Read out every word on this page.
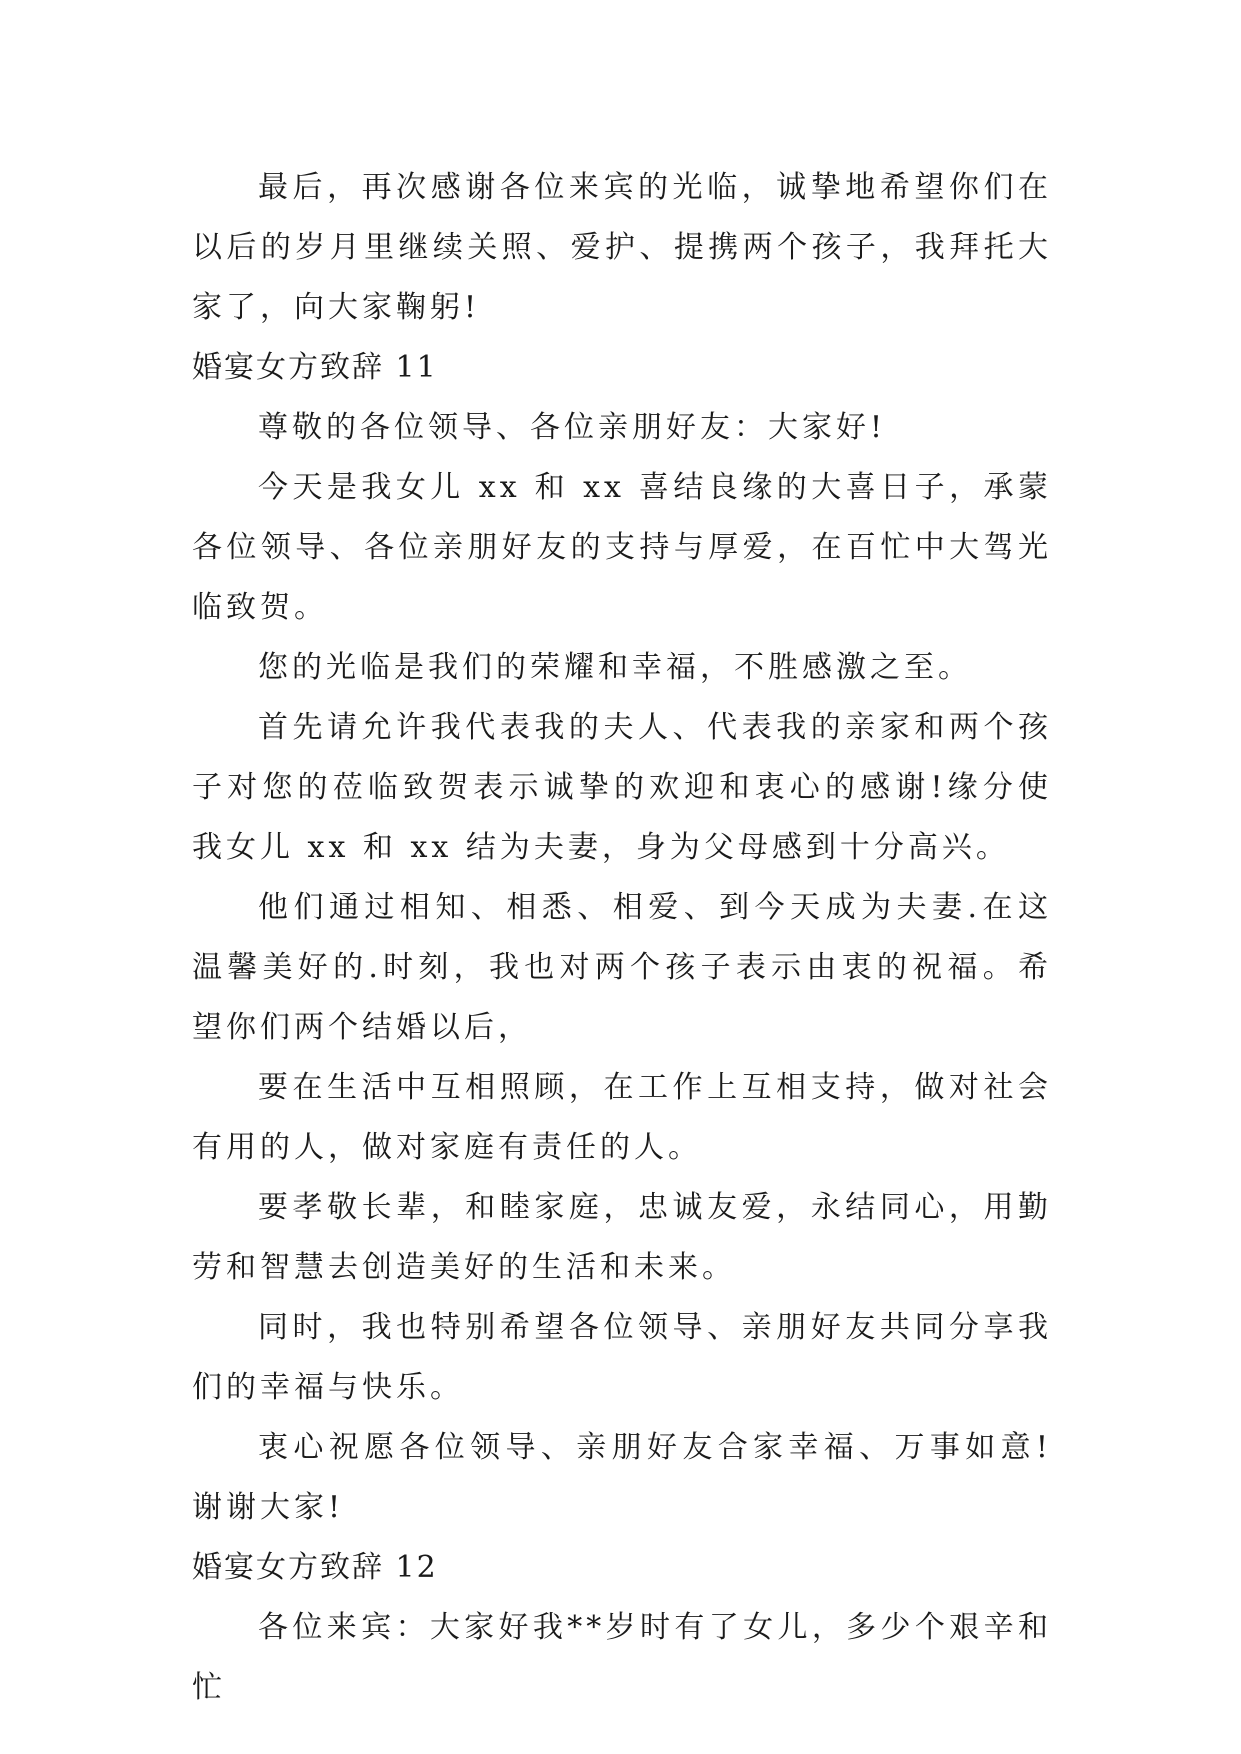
最后，再次感谢各位来宾的光临，诚挚地希望你们在以后的岁月里继续关照、爱护、提携两个孩子，我拜托大家了，向大家鞠躬!

婚宴女方致辞 11

尊敬的各位领导、各位亲朋好友：大家好!

今天是我女儿 xx 和 xx 喜结良缘的大喜日子，承蒙各位领导、各位亲朋好友的支持与厚爱，在百忙中大驾光临致贺。

您的光临是我们的荣耀和幸福，不胜感激之至。

首先请允许我代表我的夫人、代表我的亲家和两个孩子对您的莅临致贺表示诚挚的欢迎和衷心的感谢!缘分使我女儿 xx 和 xx 结为夫妻，身为父母感到十分高兴。

他们通过相知、相悉、相爱、到今天成为夫妻.在这温馨美好的.时刻，我也对两个孩子表示由衷的祝福。希望你们两个结婚以后，

要在生活中互相照顾，在工作上互相支持，做对社会有用的人，做对家庭有责任的人。

要孝敬长辈，和睦家庭，忠诚友爱，永结同心，用勤劳和智慧去创造美好的生活和未来。

同时，我也特别希望各位领导、亲朋好友共同分享我们的幸福与快乐。

衷心祝愿各位领导、亲朋好友合家幸福、万事如意!谢谢大家!

婚宴女方致辞 12

各位来宾：大家好我**岁时有了女儿，多少个艰辛和忙
